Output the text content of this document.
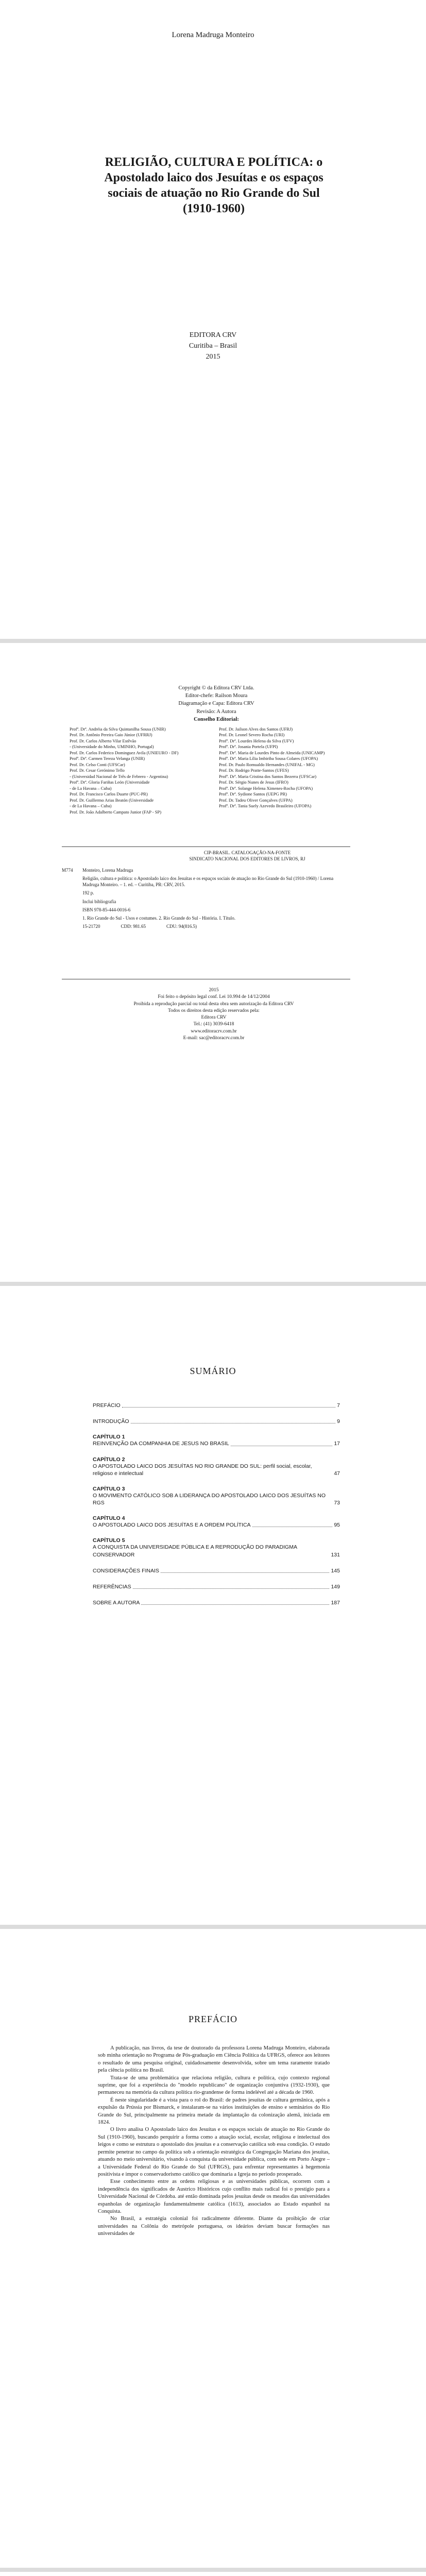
Lorena Madruga Monteiro
RELIGIÃO, CULTURA E POLÍTICA: o Apostolado laico dos Jesuítas e os espaços sociais de atuação no Rio Grande do Sul (1910-1960)
EDITORA CRV
Curitiba – Brasil
2015
Copyright © da Editora CRV Ltda.
Editor-chefe: Railson Moura
Diagramação e Capa: Editora CRV
Revisão: A Autora
Conselho Editorial:
Profª. Drª. Andréia da Silva Quintanilha Sousa (UNIR)
Prof. Dr. Antônio Pereira Gaio Júnior (UFRRJ)
Prof. Dr. Carlos Alberto Vilar Estêvão
- (Universidade do Minho, UMINHO, Portugal)
Prof. Dr. Carlos Federico Dominguez Avila (UNIEURO - DF)
Profª. Drª. Carmen Tereza Velanga (UNIR)
Prof. Dr. Celso Conti (UFSCar)
Prof. Dr. Cesar Gerónimo Tello
- (Universidad Nacional de Três de Febrero - Argentina)
Profª. Drª. Gloria Fariñas León (Universidade
- de La Havana – Cuba)
Prof. Dr. Francisco Carlos Duarte (PUC-PR)
Prof. Dr. Guillermo Arias Beatón (Universidade
- de La Havana – Cuba)
Prof. Dr. João Adalberto Campato Junior (FAP - SP)
Prof. Dr. Jailson Alves dos Santos (UFRJ)
Prof. Dr. Leonel Severo Rocha (URI)
Profª. Drª. Lourdes Helena da Silva (UFV)
Profª. Drª. Josania Portela (UFPI)
Profª. Drª. Maria de Lourdes Pinto de Almeida (UNICAMP)
Profª. Drª. Maria Lília Imbiriba Sousa Colares (UFOPA)
Prof. Dr. Paulo Romualdo Hernandes (UNIFAL - MG)
Prof. Dr. Rodrigo Pratte-Santos (UFES)
Profª. Drª. Maria Cristina dos Santos Bezerra (UFSCar)
Prof. Dr. Sérgio Nunes de Jesus (IFRO)
Profª. Drª. Solange Helena Ximenes-Rocha (UFOPA)
Profª. Drª. Sydione Santos (UEPG PR)
Prof. Dr. Tadeu Oliver Gonçalves (UFPA)
Profª. Drª. Tania Suely Azevedo Brasileiro (UFOPA)
CIP-BRASIL. CATALOGAÇÃO-NA-FONTE
SINDICATO NACIONAL DOS EDITORES DE LIVROS, RJ
M774 Monteiro, Lorena Madruga

Religião, cultura e política: o Apostolado laico dos Jesuítas e os espaços sociais de atuação no Rio Grande do Sul (1910-1960) / Lorena Madruga Monteiro. – 1. ed. – Curitiba, PR: CRV, 2015.

192 p.

Inclui bibliografia

ISBN 978-85-444-0016-6

1. Rio Grande do Sul - Usos e costumes. 2. Rio Grande do Sul - História. I. Título.

15-21720	CDD: 981.65	CDU: 94(816.5)
2015
Foi feito o depósito legal conf. Lei 10.994 de 14/12/2004
Proibida a reprodução parcial ou total desta obra sem autorização da Editora CRV
Todos os direitos desta edição reservados pela:
Editora CRV
Tel.: (41) 3039-6418
www.editoracrv.com.br
E-mail: sac@editoracrv.com.br
SUMÁRIO
PREFÁCIO	7
INTRODUÇÃO	9
CAPÍTULO 1
REINVENÇÃO DA COMPANHIA DE JESUS NO BRASIL	17
CAPÍTULO 2
O APOSTOLADO LAICO DOS JESUÍTAS NO RIO GRANDE DO SUL: perfil social, escolar, religioso e intelectual	47
CAPÍTULO 3
O MOVIMENTO CATÓLICO SOB A LIDERANÇA DO APOSTOLADO LAICO DOS JESUÍTAS NO RGS	73
CAPÍTULO 4
O APOSTOLADO LAICO DOS JESUÍTAS E A ORDEM POLÍTICA	95
CAPÍTULO 5
A CONQUISTA DA UNIVERSIDADE PÚBLICA E A REPRODUÇÃO DO PARADIGMA CONSERVADOR	131
CONSIDERAÇÕES FINAIS	145
REFERÊNCIAS	149
SOBRE A AUTORA	187
PREFÁCIO

A publicação, nas livros, da tese de doutorado da professora Lorena Madruga Monteiro, elaborada sob minha orientação no Programa de Pós-graduação em Ciência Política da UFRGS, oferece aos leitores o resultado de uma pesquisa original, cuidadosamente desenvolvida, sobre um tema raramente tratado pela ciência política no Brasil.

Trata-se de uma problemática que relaciona religião, cultura e política, cujo contexto regional suprime, que foi a experiência do "modelo republicano" de organização conjuntiva (1932-1930), que permaneceu na memória da cultura política rio-grandense de forma indelével até a década de 1960.

É neste singularidade é a vista para o rol do Brasil: de padres jesuítas de cultura germânica, após a expulsão da Prússia por Bismarck, e instalaram-se na vários instituições de ensino e seminários do Rio Grande do Sul, principalmente na primeira metade da implantação da colonização alemã, iniciada em 1824.

O livro analisa O Apostolado laico dos Jesuítas e os espaços sociais de atuação no Rio Grande do Sul (1910-1960), buscando perquirir a forma como a atuação social, escolar, religiosa e intelectual dos leigos e como se estrutura o apostolado dos jesuítas e a conservação católica sob essa condição. O estudo permite penetrar no campo da política sob a orientação estratégica da Congregação Mariana dos jesuítas, atuando no meio universitário, visando à conquista da universidade pública, com sede em Porto Alegre – a Universidade Federal do Rio Grande do Sul (UFRGS), para enfrentar representantes à hegemonia positivista e impor o conservadorismo católico que dominaria a Igreja no período prosperado.

Esse conhecimento entre as ordens religiosas e as universidades públicas, ocorrem com a independência dos significados de Austrico Históricos cujo conflito mais radical foi o prestígio para a Universidade Nacional de Córdoba. até então dominada pelos jesuítas desde os meados das universidades espanholas de organização fundamentalmente católica (1613), associados ao Estado espanhol na Conquista.

No Brasil, a estratégia colonial foi radicalmente diferente. Diante da proibição de criar universidades na Colônia do metrópole portuguesa, os ideários deviam buscar formações nas universidades de
